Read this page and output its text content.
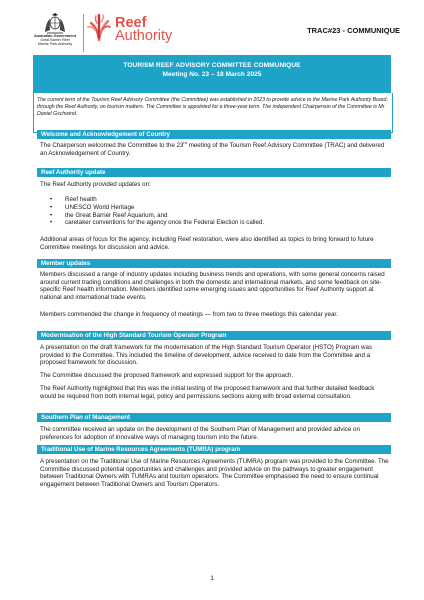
Australian Government
Great Barrier Reef
Marine Park Authority
Reef
Authority	TRAC#23 - COMMUNIQUE
TOURISM REEF ADVISORY COMMITTEE COMMUNIQUE
Meeting No. 23 – 18 March 2025
The current term of the Tourism Reef Advisory Committee (the Committee) was established in 2023 to provide advice to the Marine Park Authority Board, through the Reef Authority, on tourism matters. The Committee is appointed for a three-year term. The independent Chairperson of the Committee is Mr Daniel Gschwind.
Welcome and Acknowledgement of Country
The Chairperson welcomed the Committee to the 23rd meeting of the Tourism Reef Advisory Committee (TRAC) and delivered an Acknowledgement of Country.
Reef Authority update
The Reef Authority provided updates on:
• Reef health
• UNESCO World Heritage
• the Great Barrier Reef Aquarium, and
• caretaker conventions for the agency once the Federal Election is called.
Additional areas of focus for the agency, including Reef restoration, were also identified as topics to bring forward to future Committee meetings for discussion and advice.
Member updates
Members discussed a range of industry updates including business trends and operations, with some general concerns raised around current trading conditions and challenges in both the domestic and international markets, and some feedback on site-specific Reef health information. Members identified some emerging issues and opportunities for Reef Authority support at national and international trade events.
Members commended the change in frequency of meetings — from two to three meetings this calendar year.
Modernisation of the High Standard Tourism Operator Program
A presentation on the draft framework for the modernisation of the High Standard Tourism Operator (HSTO) Program was provided to the Committee. This included the timeline of development, advice received to date from the Committee and a proposed framework for discussion.
The Committee discussed the proposed framework and expressed support for the approach.
The Reef Authority highlighted that this was the initial testing of the proposed framework and that further detailed feedback would be required from both internal legal, policy and permissions sections along with broad external consultation.
Southern Plan of Management
The committee received an update on the development of the Southern Plan of Management and provided advice on preferences for adoption of innovative ways of managing tourism into the future.
Traditional Use of Marine Resources Agreements (TUMRA) program
A presentation on the Traditional Use of Marine Resources Agreements (TUMRA) program was provided to the Committee. The Committee discussed potential opportunities and challenges and provided advice on the pathways to greater engagement between Traditional Owners with TUMRAs and tourism operators. The Committee emphasised the need to ensure continual engagement between Traditional Owners and Tourism Operators.
1
